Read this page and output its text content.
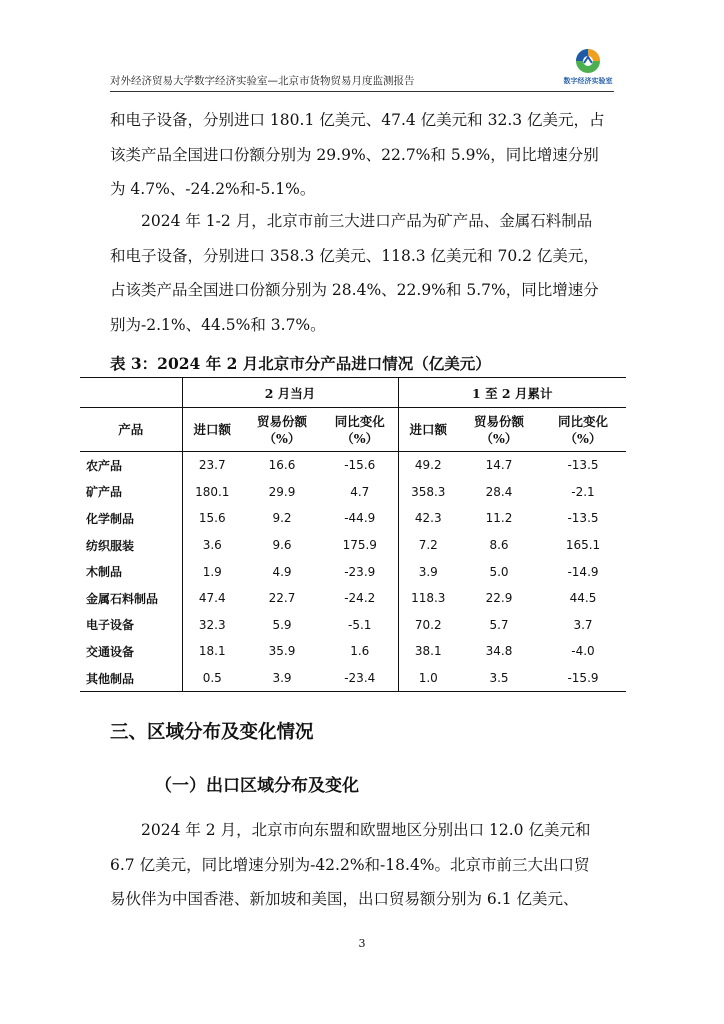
对外经济贸易大学数字经济实验室—北京市货物贸易月度监测报告	数字经济实验室

和电子设备，分别进口 180.1 亿美元、47.4 亿美元和 32.3 亿美元，占
该类产品全国进口份额分别为 29.9%、22.7%和 5.9%，同比增速分别
为 4.7%、-24.2%和-5.1%。

2024 年 1-2 月，北京市前三大进口产品为矿产品、金属石料制品
和电子设备，分别进口 358.3 亿美元、118.3 亿美元和 70.2 亿美元，
占该类产品全国进口份额分别为 28.4%、22.9%和 5.7%，同比增速分
别为-2.1%、44.5%和 3.7%。

表 3：2024 年 2 月北京市分产品进口情况（亿美元）
	2 月当月			1 至 2 月累计		
产品	进口额	贸易份额
（%）	同比变化
（%）	进口额	贸易份额
（%）	同比变化
（%）
农产品	23.7	16.6	-15.6	49.2	14.7	-13.5
矿产品	180.1	29.9	4.7	358.3	28.4	-2.1
化学制品	15.6	9.2	-44.9	42.3	11.2	-13.5
纺织服装	3.6	9.6	175.9	7.2	8.6	165.1
木制品	1.9	4.9	-23.9	3.9	5.0	-14.9
金属石料制品	47.4	22.7	-24.2	118.3	22.9	44.5
电子设备	32.3	5.9	-5.1	70.2	5.7	3.7
交通设备	18.1	35.9	1.6	38.1	34.8	-4.0
其他制品	0.5	3.9	-23.4	1.0	3.5	-15.9
三、区域分布及变化情况
（一）出口区域分布及变化

2024 年 2 月，北京市向东盟和欧盟地区分别出口 12.0 亿美元和
6.7 亿美元，同比增速分别为-42.2%和-18.4%。北京市前三大出口贸
易伙伴为中国香港、新加坡和美国，出口贸易额分别为 6.1 亿美元、

3
